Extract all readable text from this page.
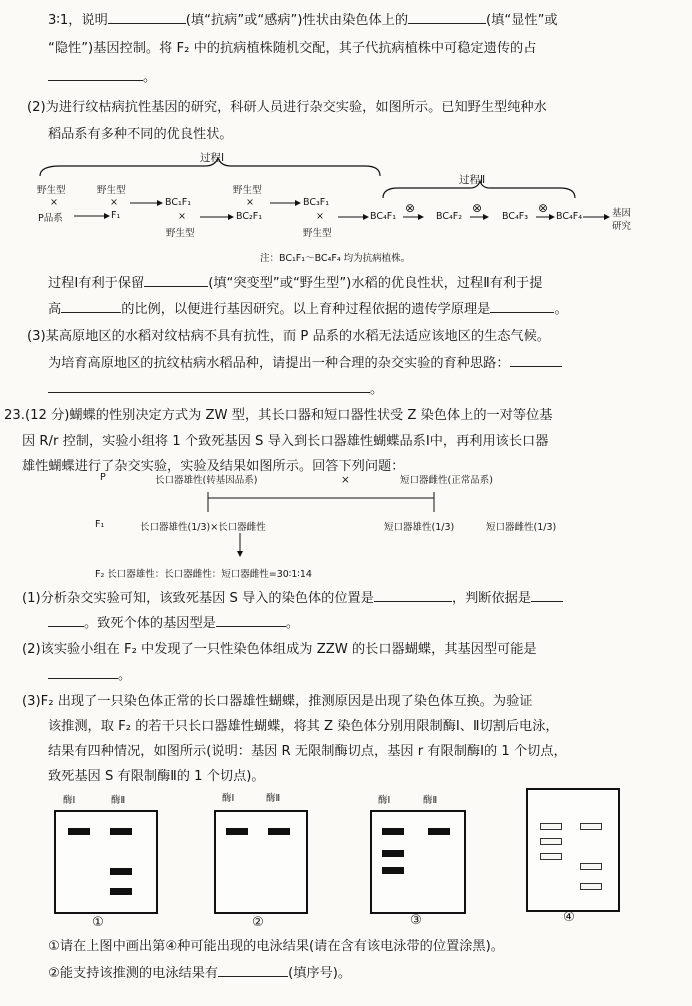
3∶1，说明	(填“抗病”或“感病”)性状由染色体上的	(填“显性”或
“隐性”)基因控制。将 F₂ 中的抗病植株随机交配，其子代抗病植株中可稳定遗传的占
。
(2)为进行纹枯病抗性基因的研究，科研人员进行杂交实验，如图所示。已知野生型纯种水
稻品系有多种不同的优良性状。
过程Ⅰ
过程Ⅱ
野生型
×
P品系
野生型
×
F₁
BC₁F₁
×
野生型
野生型
×
BC₂F₁
BC₃F₁
×
野生型
BC₄F₁
⊗
BC₄F₂
⊗
BC₄F₃
⊗
BC₄F₄	基因
研究
注：BC₁F₁～BC₄F₄ 均为抗病植株。
过程Ⅰ有利于保留	(填“突变型”或“野生型”)水稻的优良性状，过程Ⅱ有利于提
高	的比例，以便进行基因研究。以上育种过程依据的遗传学原理是	。
(3)某高原地区的水稻对纹枯病不具有抗性，而 P 品系的水稻无法适应该地区的生态气候。
为培育高原地区的抗纹枯病水稻品种，请提出一种合理的杂交实验的育种思路：
。
23.(12 分)蝴蝶的性别决定方式为 ZW 型，其长口器和短口器性状受 Z 染色体上的一对等位基
因 R/r 控制，实验小组将 1 个致死基因 S 导入到长口器雄性蝴蝶品系Ⅰ中，再利用该长口器
雄性蝴蝶进行了杂交实验，实验及结果如图所示。回答下列问题：
P	长口器雄性(转基因品系)	×	短口器雌性(正常品系)
F₁	长口器雄性(1/3)×长口器雌性	短口器雄性(1/3)	短口器雌性(1/3)
F₂ 长口器雄性：长口器雌性：短口器雌性=30∶1∶14
(1)分析杂交实验可知，该致死基因 S 导入的染色体的位置是	，判断依据是
。致死个体的基因型是	。
(2)该实验小组在 F₂ 中发现了一只性染色体组成为 ZZW 的长口器蝴蝶，其基因型可能是
。
(3)F₂ 出现了一只染色体正常的长口器雄性蝴蝶，推测原因是出现了染色体互换。为验证
该推测，取 F₂ 的若干只长口器雄性蝴蝶，将其 Z 染色体分别用限制酶Ⅰ、Ⅱ切割后电泳，
结果有四种情况，如图所示(说明：基因 R 无限制酶切点，基因 r 有限制酶Ⅰ的 1 个切点，
致死基因 S 有限制酶Ⅱ的 1 个切点)。
酶Ⅰ	酶Ⅱ
①
酶Ⅰ	酶Ⅱ
②
酶Ⅰ	酶Ⅱ
③	④
①请在上图中画出第④种可能出现的电泳结果(请在含有该电泳带的位置涂黑)。
②能支持该推测的电泳结果有	(填序号)。
